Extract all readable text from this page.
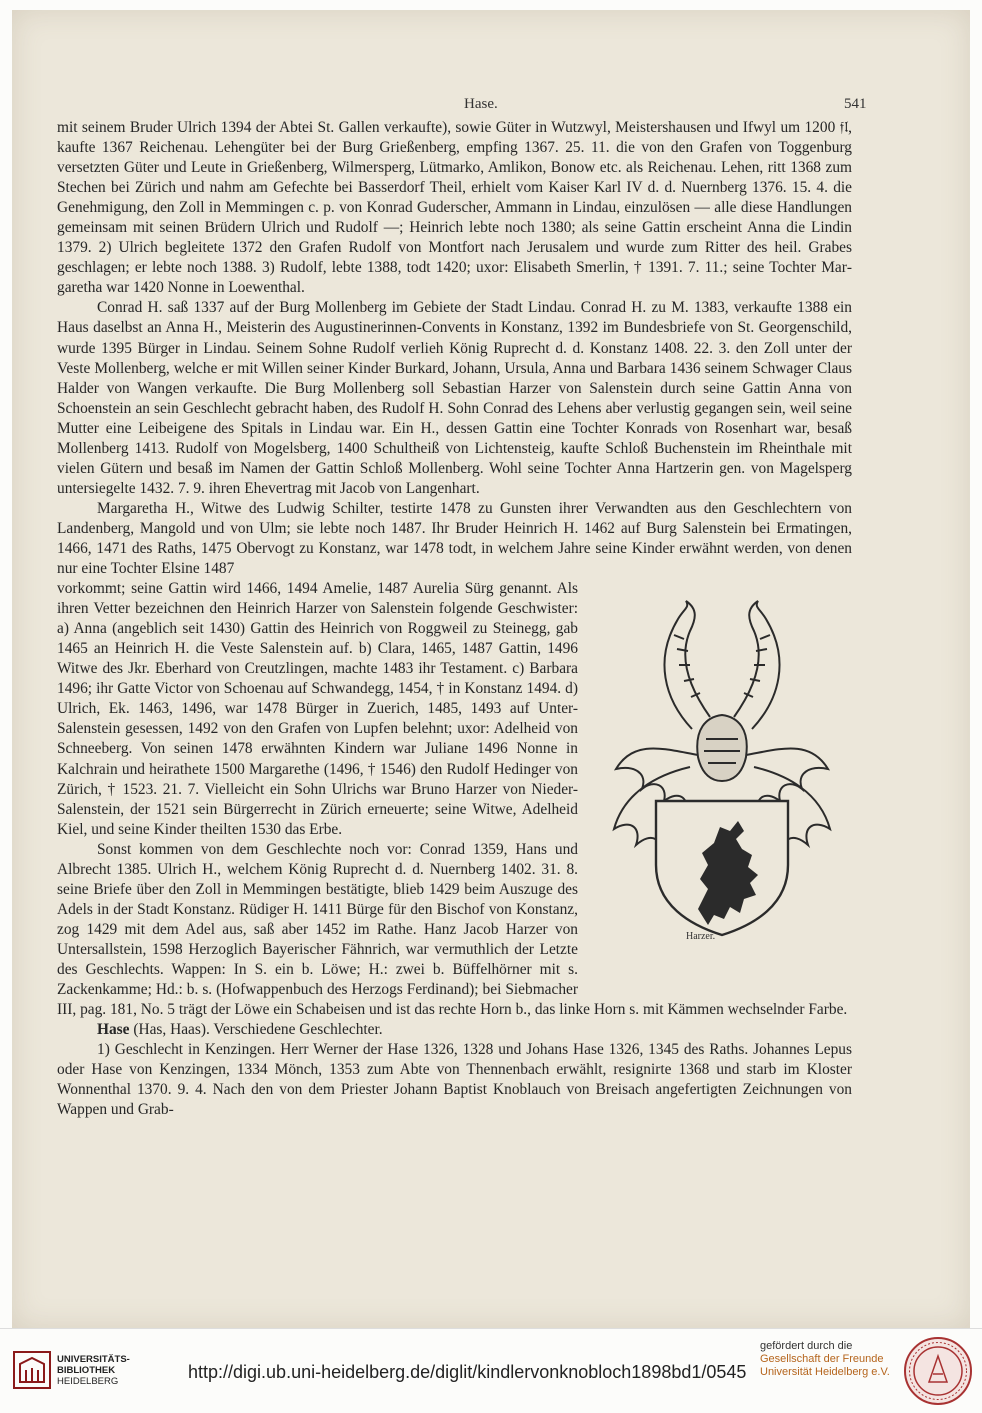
Hase.	541

mit seinem Bruder Ulrich 1394 der Abtei St. Gallen verkaufte), sowie Güter in Wutzwyl, Meistershausen und Ifwyl um 1200 𝔣𝔩, kaufte 1367 Reichenau. Lehengüter bei der Burg Grießenberg, empfing 1367. 25. 11. die von den Grafen von Toggenburg versetzten Güter und Leute in Grießenberg, Wilmersperg, Lütmarko, Amlikon, Bonow etc. als Reichenau. Lehen, ritt 1368 zum Stechen bei Zürich und nahm am Gefechte bei Basserdorf Theil, erhielt vom Kaiser Karl IV d. d. Nuernberg 1376. 15. 4. die Genehmigung, den Zoll in Memmingen c. p. von Konrad Guderscher, Ammann in Lindau, einzulösen — alle diese Handlungen gemeinsam mit seinen Brüdern Ulrich und Rudolf —; Heinrich lebte noch 1380; als seine Gattin erscheint Anna die Lindin 1379. 2) Ulrich begleitete 1372 den Grafen Rudolf von Montfort nach Jerusalem und wurde zum Ritter des heil. Grabes geschlagen; er lebte noch 1388. 3) Rudolf, lebte 1388, todt 1420; uxor: Elisabeth Smerlin, † 1391. 7. 11.; seine Tochter Margaretha war 1420 Nonne in Loewenthal.

Conrad H. saß 1337 auf der Burg Mollenberg im Gebiete der Stadt Lindau. Conrad H. zu M. 1383, verkaufte 1388 ein Haus daselbst an Anna H., Meisterin des Augustinerinnen-Convents in Konstanz, 1392 im Bundesbriefe von St. Georgenschild, wurde 1395 Bürger in Lindau. Seinem Sohne Rudolf verlieh König Ruprecht d. d. Konstanz 1408. 22. 3. den Zoll unter der Veste Mollenberg, welche er mit Willen seiner Kinder Burkard, Johann, Ursula, Anna und Barbara 1436 seinem Schwager Claus Halder von Wangen verkaufte. Die Burg Mollenberg soll Sebastian Harzer von Salenstein durch seine Gattin Anna von Schoenstein an sein Geschlecht gebracht haben, des Rudolf H. Sohn Conrad des Lehens aber verlustig gegangen sein, weil seine Mutter eine Leibeigene des Spitals in Lindau war. Ein H., dessen Gattin eine Tochter Konrads von Rosenhart war, besaß Mollenberg 1413. Rudolf von Mogelsberg, 1400 Schultheiß von Lichtensteig, kaufte Schloß Buchenstein im Rheinthale mit vielen Gütern und besaß im Namen der Gattin Schloß Mollenberg. Wohl seine Tochter Anna Hartzerin gen. von Magelsperg untersiegelte 1432. 7. 9. ihren Ehevertrag mit Jacob von Langenhart.

Margaretha H., Witwe des Ludwig Schilter, testirte 1478 zu Gunsten ihrer Verwandten aus den Geschlechtern von Landenberg, Mangold und von Ulm; sie lebte noch 1487. Ihr Bruder Heinrich H. 1462 auf Burg Salenstein bei Ermatingen, 1466, 1471 des Raths, 1475 Obervogt zu Konstanz, war 1478 todt, in welchem Jahre seine Kinder erwähnt werden, von denen nur eine Tochter Elsine 1487

Harzer.

vorkommt; seine Gattin wird 1466, 1494 Amelie, 1487 Aurelia Sürg genannt. Als ihren Vetter bezeichnen den Heinrich Harzer von Salenstein folgende Geschwister: a) Anna (angeblich seit 1430) Gattin des Heinrich von Roggweil zu Steinegg, gab 1465 an Heinrich H. die Veste Salenstein auf. b) Clara, 1465, 1487 Gattin, 1496 Witwe des Jkr. Eberhard von Creutzlingen, machte 1483 ihr Testament. c) Barbara 1496; ihr Gatte Victor von Schoenau auf Schwandegg, 1454, † in Konstanz 1494. d) Ulrich, Ek. 1463, 1496, war 1478 Bürger in Zuerich, 1485, 1493 auf Unter-Salenstein gesessen, 1492 von den Grafen von Lupfen belehnt; uxor: Adelheid von Schneeberg. Von seinen 1478 erwähnten Kindern war Juliane 1496 Nonne in Kalchrain und heirathete 1500 Margarethe (1496, † 1546) den Rudolf Hedinger von Zürich, † 1523. 21. 7. Vielleicht ein Sohn Ulrichs war Bruno Harzer von Nieder-Salenstein, der 1521 sein Bürgerrecht in Zürich erneuerte; seine Witwe, Adelheid Kiel, und seine Kinder theilten 1530 das Erbe.

Sonst kommen von dem Geschlechte noch vor: Conrad 1359, Hans und Albrecht 1385. Ulrich H., welchem König Ruprecht d. d. Nuernberg 1402. 31. 8. seine Briefe über den Zoll in Memmingen bestätigte, blieb 1429 beim Auszuge des Adels in der Stadt Konstanz. Rüdiger H. 1411 Bürge für den Bischof von Konstanz, zog 1429 mit dem Adel aus, saß aber 1452 im Rathe. Hanz Jacob Harzer von Untersallstein, 1598 Herzoglich Bayerischer Fähnrich, war vermuthlich der Letzte des Geschlechts. Wappen: In S. ein b. Löwe; H.: zwei b. Büffelhörner mit s. Zackenkamme; Hd.: b. s. (Hofwappenbuch des Herzogs Ferdinand); bei Siebmacher III, pag. 181, No. 5 trägt der Löwe ein Schabeisen und ist das rechte Horn b., das linke Horn s. mit Kämmen wechselnder Farbe.

Hase (Has, Haas). Verschiedene Geschlechter.

1) Geschlecht in Kenzingen. Herr Werner der Hase 1326, 1328 und Johans Hase 1326, 1345 des Raths. Johannes Lepus oder Hase von Kenzingen, 1334 Mönch, 1353 zum Abte von Thennenbach erwählt, resignirte 1368 und starb im Kloster Wonnenthal 1370. 9. 4. Nach den von dem Priester Johann Baptist Knoblauch von Breisach angefertigten Zeichnungen von Wappen und Grab-

UNIVERSITÄTS-
BIBLIOTHEK
HEIDELBERG	http://digi.ub.uni-heidelberg.de/diglit/kindlervonknobloch1898bd1/0545
gefördert durch die
Gesellschaft der Freunde
Universität Heidelberg e.V.
